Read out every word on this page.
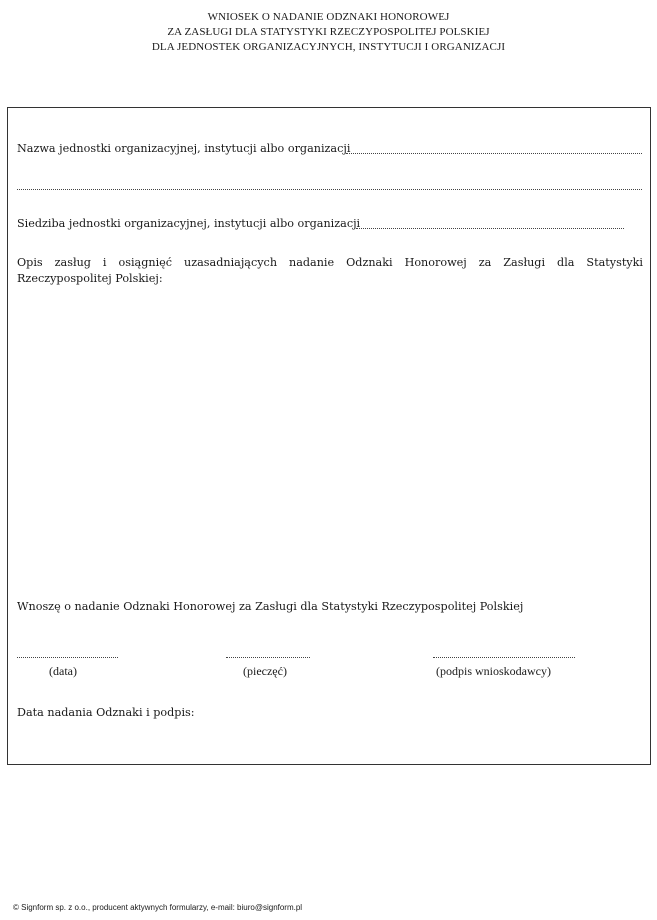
WNIOSEK O NADANIE ODZNAKI HONOROWEJ
ZA ZASŁUGI DLA STATYSTYKI RZECZYPOSPOLITEJ POLSKIEJ
DLA JEDNOSTEK ORGANIZACYJNYCH, INSTYTUCJI I ORGANIZACJI
Nazwa jednostki organizacyjnej, instytucji albo organizacji
Siedziba jednostki organizacyjnej, instytucji albo organizacji
Opis zasług i osiągnięć uzasadniających nadanie Odznaki Honorowej za Zasługi dla Statystyki Rzeczypospolitej Polskiej:
Wnoszę o nadanie Odznaki Honorowej za Zasługi dla Statystyki Rzeczypospolitej Polskiej
(data)	(pieczęć)	(podpis wnioskodawcy)
Data nadania Odznaki i podpis:
© Signform sp. z o.o., producent aktywnych formularzy, e-mail: biuro@signform.pl
